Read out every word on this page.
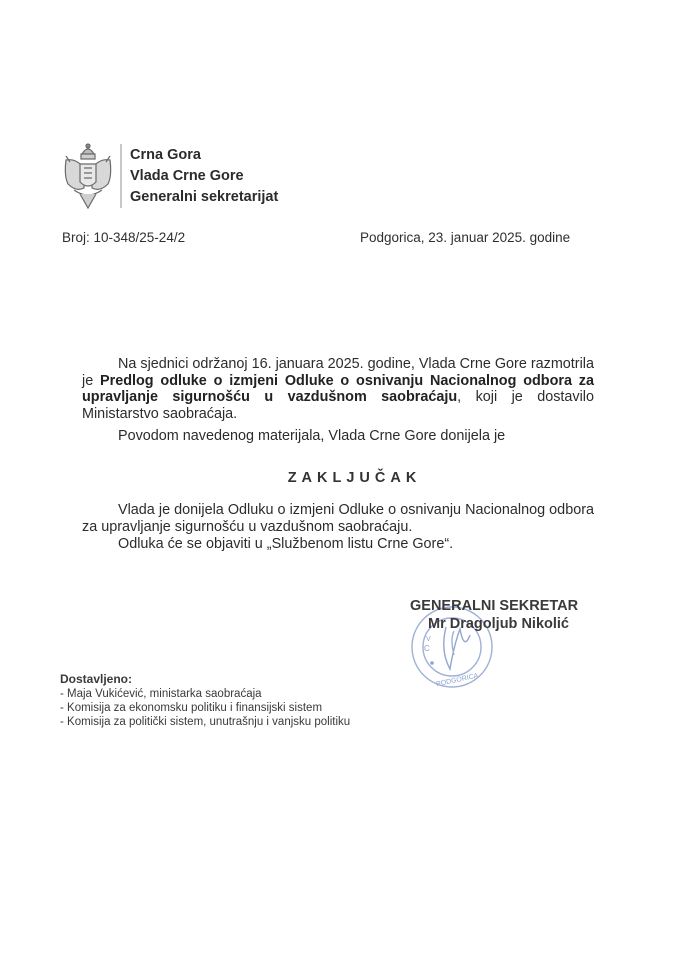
Crna Gora
Vlada Crne Gore
Generalni sekretarijat
Broj: 10-348/25-24/2	Podgorica, 23. januar 2025. godine
Na sjednici održanoj 16. januara 2025. godine, Vlada Crne Gore razmotrila je Predlog odluke o izmjeni Odluke o osnivanju Nacionalnog odbora za upravljanje sigurnošću u vazdušnom saobraćaju, koji je dostavilo Ministarstvo saobraćaja.
Povodom navedenog materijala, Vlada Crne Gore donijela je
ZAKLJUČAK
Vlada je donijela Odluku o izmjeni Odluke o osnivanju Nacionalnog odbora za upravljanje sigurnošću u vazdušnom saobraćaju.
Odluka će se objaviti u „Službenom listu Crne Gore“.
C
V
PODGORICA
GENERALNI SEKRETAR
Mr Dragoljub Nikolić
Dostavljeno:
- Maja Vukićević, ministarka saobraćaja
- Komisija za ekonomsku politiku i finansijski sistem
- Komisija za politički sistem, unutrašnju i vanjsku politiku
